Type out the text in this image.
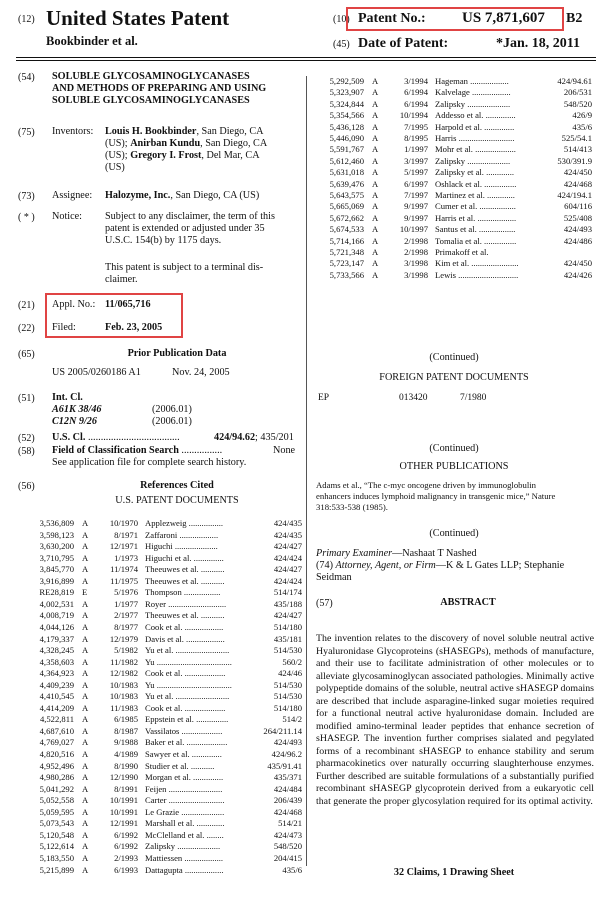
(12) United States Patent
Bookbinder et al.
(10) Patent No.: US 7,871,607 B2
(45) Date of Patent:	*Jan. 18, 2011
(54) SOLUBLE GLYCOSAMINOGLYCANASES
AND METHODS OF PREPARING AND USING
SOLUBLE GLYCOSAMINOGLYCANASES
(75) Inventors: Louis H. Bookbinder, San Diego, CA
(US); Anirban Kundu, San Diego, CA
(US); Gregory I. Frost, Del Mar, CA
(US)
(73) Assignee: Halozyme, Inc., San Diego, CA (US)
( * ) Notice: Subject to any disclaimer, the term of this
patent is extended or adjusted under 35
U.S.C. 154(b) by 1175 days.
This patent is subject to a terminal dis-
claimer.
(21) Appl. No.: 11/065,716
(22) Filed:	Feb. 23, 2005
(65)	Prior Publication Data
US 2005/0260186 A1	Nov. 24, 2005
(51) Int. Cl.
A61K 38/46	(2006.01)
C12N 9/26	(2006.01)
(52) U.S. Cl. ....................................	424/94.62; 435/201
(58) Field of Classification Search ................	None
See application file for complete search history.
(56)	References Cited
U.S. PATENT DOCUMENTS
3,536,809 A	10/1970 Applezweig ................	424/435
3,598,123 A	8/1971 Zaffaroni ..................	424/435
3,630,200 A	12/1971 Higuchi ....................	424/427
3,710,795 A	1/1973 Higuchi et al. ..............	424/424
3,845,770 A	11/1974 Theeuwes et al. ...........	424/427
3,916,899 A	11/1975 Theeuwes et al. ...........	424/424
RE28,819 E	5/1976 Thompson .................	514/174
4,002,531 A	1/1977 Royer ...........................	435/188
4,008,719 A	2/1977 Theeuwes et al. ...........	424/427
4,044,126 A	8/1977 Cook et al. ..................	514/180
4,179,337 A	12/1979 Davis et al. ..................	435/181
4,328,245 A	5/1982 Yu et al. .........................	514/530
4,358,603 A	11/1982 Yu ...................................	560/2
4,364,923 A	12/1982 Cook et al. ...................	424/46
4,409,239 A	10/1983 Yu ...................................	514/530
4,410,545 A	10/1983 Yu et al. .........................	514/530
4,414,209 A	11/1983 Cook et al. ...................	514/180
4,522,811 A	6/1985 Eppstein et al. ...............	514/2
4,687,610 A	8/1987 Vassilatos ...................	264/211.14
4,769,027 A	9/1988 Baker et al. ...................	424/493
4,820,516 A	4/1989 Sawyer et al. ..............	424/96.2
4,952,496 A	8/1990 Studier et al. ...........	435/91.41
4,980,286 A	12/1990 Morgan et al. ..............	435/371
5,041,292 A	8/1991 Feijen .........................	424/484
5,052,558 A	10/1991 Carter ..........................	206/439
5,059,595 A	10/1991 Le Grazie ....................	424/468
5,073,543 A	12/1991 Marshall et al. .............	514/21
5,120,548 A	6/1992 McClelland et al. ........	424/473
5,122,614 A	6/1992 Zalipsky ....................	548/520
5,183,550 A	2/1993 Mattiessen ..................	204/415
5,215,899 A	6/1993 Dattagupta ..................	435/6
5,292,509 A	3/1994 Hageman ..................	424/94.61
5,323,907 A	6/1994 Kalvelage ..................	206/531
5,324,844 A	6/1994 Zalipsky ....................	548/520
5,354,566 A	10/1994 Addesso et al. ..............	426/9
5,436,128 A	7/1995 Harpold et al. ..............	435/6
5,446,090 A	8/1995 Harris ..........................	525/54.1
5,591,767 A	1/1997 Mohr et al. ...................	514/413
5,612,460 A	3/1997 Zalipsky ....................	530/391.9
5,631,018 A	5/1997 Zalipsky et al. .............	424/450
5,639,476 A	6/1997 Oshlack et al. ...............	424/468
5,643,575 A	7/1997 Martinez et al. .............	424/194.1
5,665,069 A	9/1997 Cumer et al. .................	604/116
5,672,662 A	9/1997 Harris et al. ..................	525/408
5,674,533 A	10/1997 Santus et al. .................	424/493
5,714,166 A	2/1998 Tomalia et al. ...............	424/486
5,721,348 A	2/1998 Primakoff et al.
5,723,147 A	3/1998 Kim et al. ......................	424/450
5,733,566 A	3/1998 Lewis ............................	424/426
(Continued)
FOREIGN PATENT DOCUMENTS
EP	013420	7/1980
(Continued)
OTHER PUBLICATIONS
Adams et al., “The c-myc oncogene driven by immunoglobulin
enhancers induces lymphoid malignancy in transgenic mice,” Nature
318:533-538 (1985).
(Continued)
Primary Examiner—Nashaat T Nashed
(74) Attorney, Agent, or Firm—K & L Gates LLP; Stephanie
Seidman
(57)	ABSTRACT
The invention relates to the discovery of novel soluble neutral active Hyaluronidase Glycoproteins (sHASEGPs), methods of manufacture, and their use to facilitate administration of other molecules or to alleviate glycosaminoglycan associated pathologies. Minimally active polypeptide domains of the soluble, neutral active sHASEGP domains are described that include asparagine-linked sugar moieties required for a functional neutral active hyaluronidase domain. Included are modified amino-terminal leader peptides that enhance secretion of sHASEGP. The invention further comprises sialated and pegylated forms of a recombinant sHASEGP to enhance stability and serum pharmacokinetics over naturally occurring slaughterhouse enzymes. Further described are suitable formulations of a substantially purified recombinant sHASEGP glycoprotein derived from a eukaryotic cell that generate the proper glycosylation required for its optimal activity.
32 Claims, 1 Drawing Sheet
